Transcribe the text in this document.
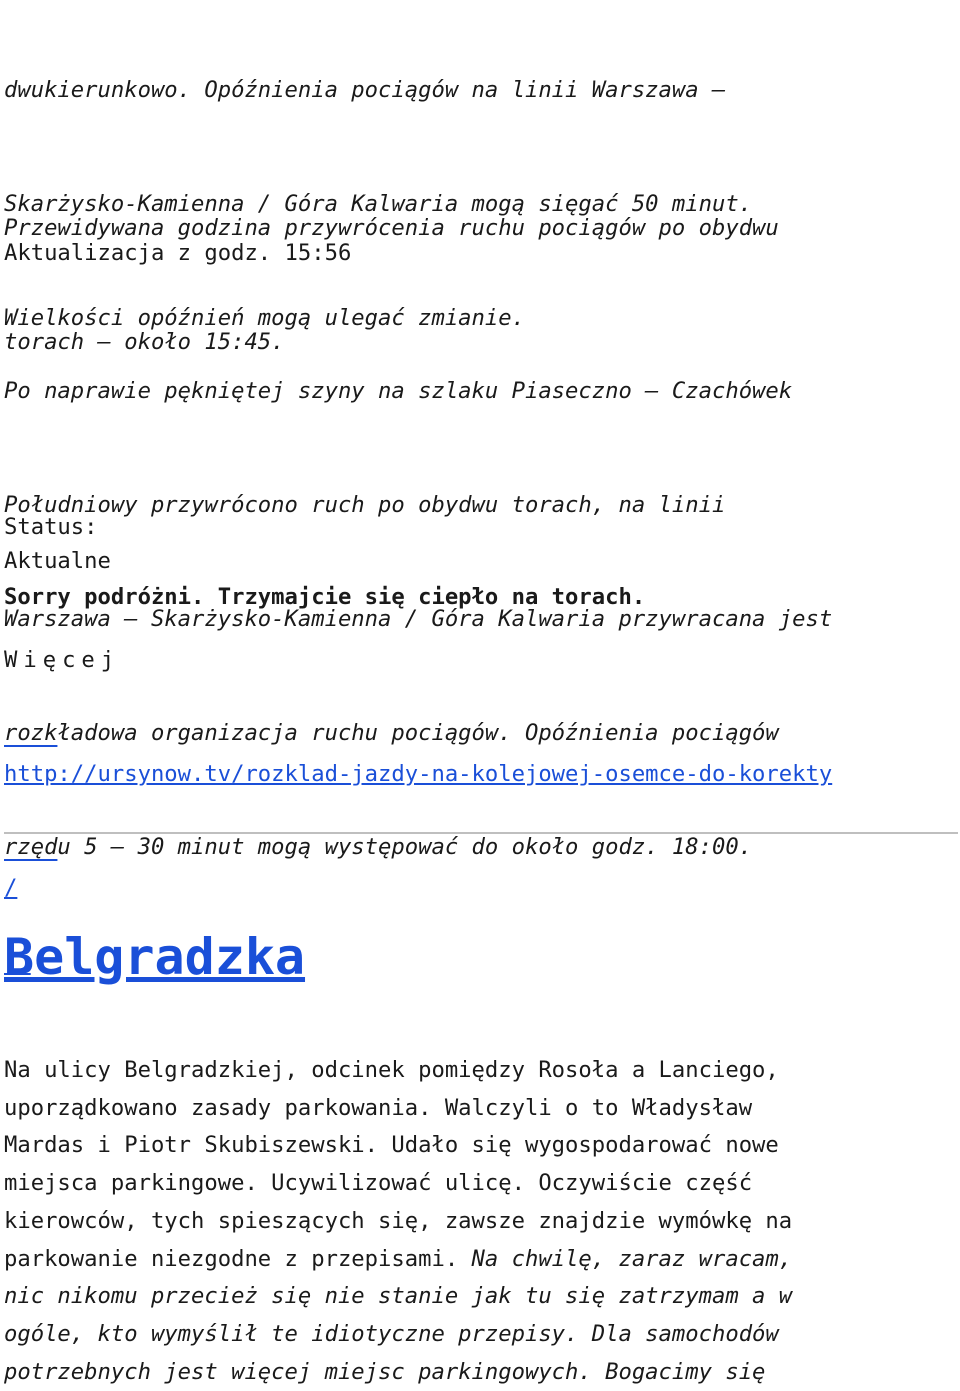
dwukierunkowo. Opóźnienia pociągów na linii Warszawa –

Skarżysko-Kamienna / Góra Kalwaria mogą sięgać 50 minut.

Wielkości opóźnień mogą ulegać zmianie.

Przewidywana godzina przywrócenia ruchu pociągów po obydwu

torach – około 15:45.

Aktualizacja z godz. 15:56

Po naprawie pękniętej szyny na szlaku Piaseczno – Czachówek

Południowy przywrócono ruch po obydwu torach, na linii

Warszawa – Skarżysko-Kamienna / Góra Kalwaria przywracana jest

rozkładowa organizacja ruchu pociągów. Opóźnienia pociągów

rzędu 5 – 30 minut mogą występować do około godz. 18:00.

Status:
Aktualne
Sorry podróżni. Trzymajcie się ciepło na torach.
Więcej

http://ursynow.tv/rozklad-jazdy-na-kolejowej-osemce-do-korekty

/

Belgradzka
Na ulicy Belgradzkiej, odcinek pomiędzy Rosoła a Lanciego,
uporządkowano zasady parkowania. Walczyli o to Władysław
Mardas i Piotr Skubiszewski. Udało się wygospodarować nowe
miejsca parkingowe. Ucywilizować ulicę. Oczywiście część
kierowców, tych spieszących się, zawsze znajdzie wymówkę na
parkowanie niezgodne z przepisami. Na chwilę, zaraz wracam,
nic nikomu przecież się nie stanie jak tu się zatrzymam a w
ogóle, kto wymyślił te idiotyczne przepisy. Dla samochodów
potrzebnych jest więcej miejsc parkingowych. Bogacimy się
